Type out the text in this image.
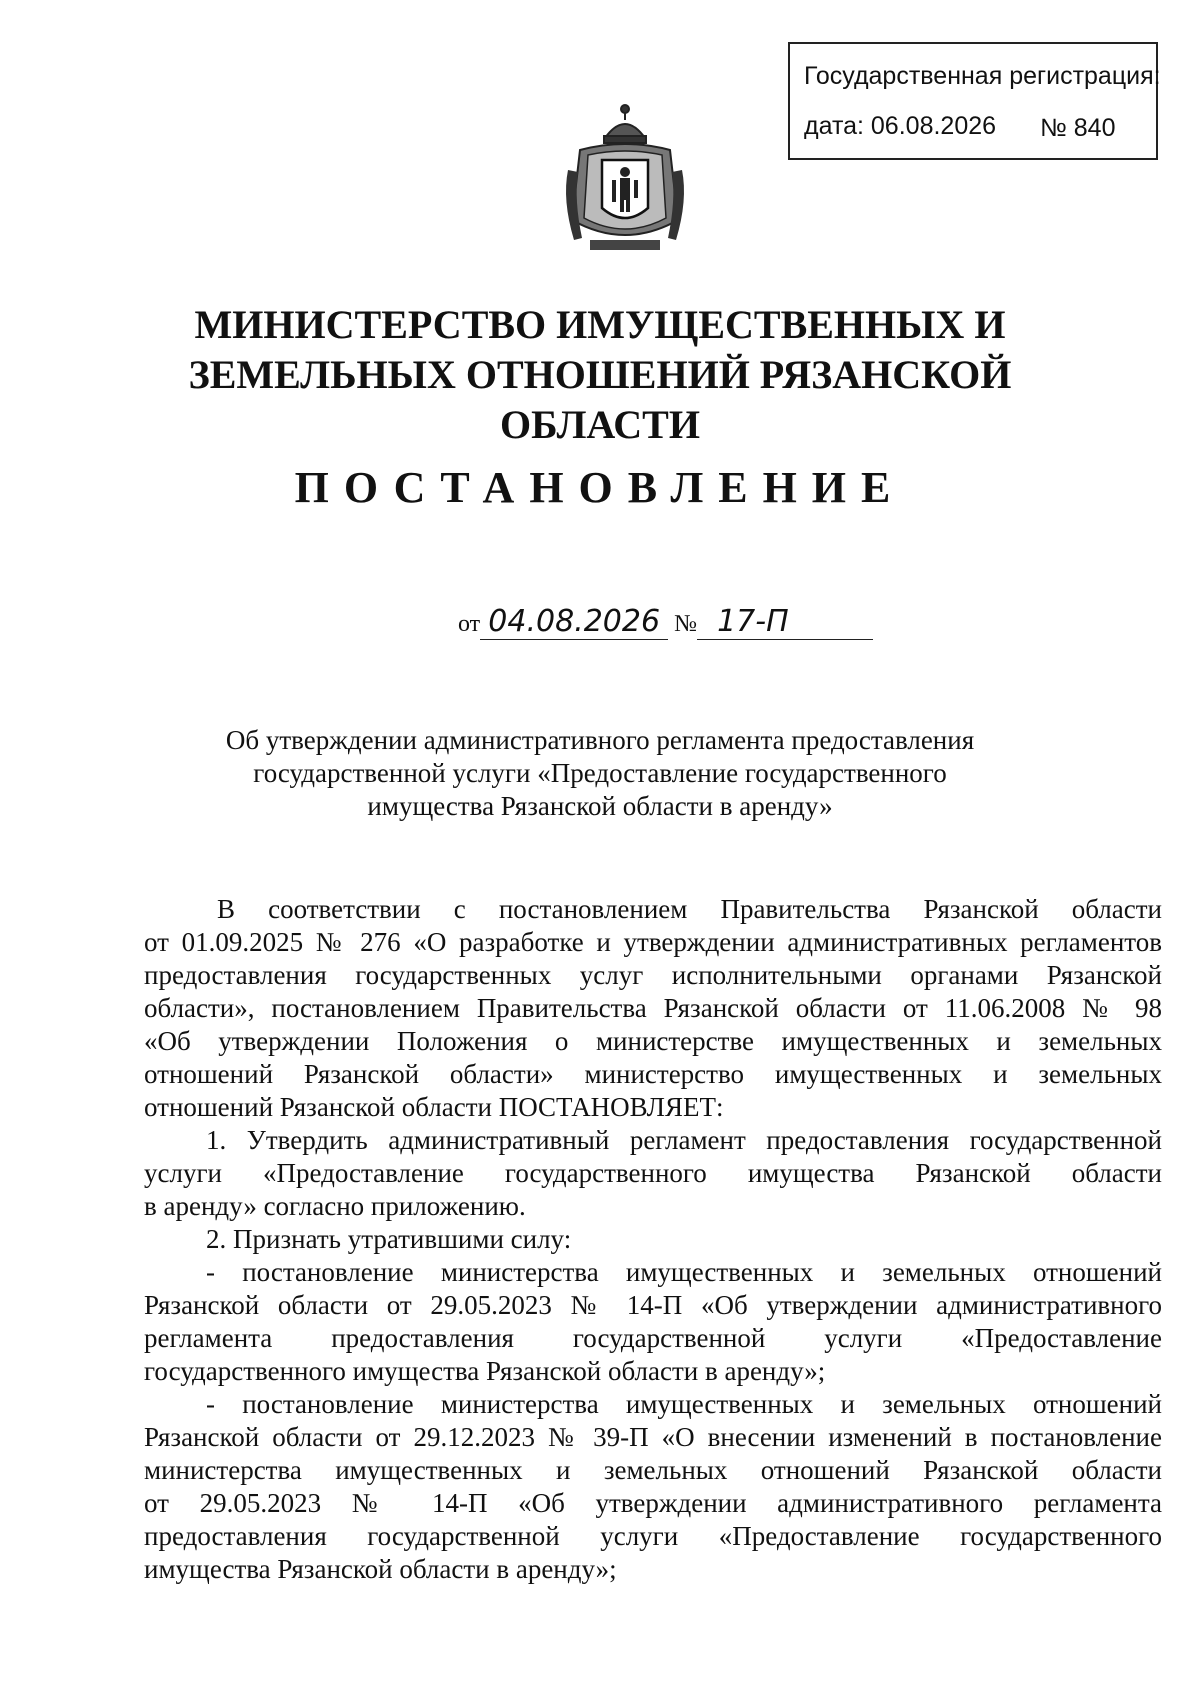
Государственная регистрация:
дата: 06.08.2026 № 840
МИНИСТЕРСТВО ИМУЩЕСТВЕННЫХ И
ЗЕМЕЛЬНЫХ ОТНОШЕНИЙ РЯЗАНСКОЙ ОБЛАСТИ
ПОСТАНОВЛЕНИЕ
от 04.08.2026 № 17-П
Об утверждении административного регламента предоставления
государственной услуги «Предоставление государственного
имущества Рязанской области в аренду»
В соответствии с постановлением Правительства Рязанской области
от 01.09.2025 № 276 «О разработке и утверждении административных регламентов
предоставления государственных услуг исполнительными органами Рязанской
области», постановлением Правительства Рязанской области от 11.06.2008 № 98
«Об утверждении Положения о министерстве имущественных и земельных
отношений Рязанской области» министерство имущественных и земельных
отношений Рязанской области ПОСТАНОВЛЯЕТ:
1. Утвердить административный регламент предоставления государственной
услуги «Предоставление государственного имущества Рязанской области
в аренду» согласно приложению.
2. Признать утратившими силу:
- постановление министерства имущественных и земельных отношений
Рязанской области от 29.05.2023 № 14-П «Об утверждении административного
регламента предоставления государственной услуги «Предоставление
государственного имущества Рязанской области в аренду»;
- постановление министерства имущественных и земельных отношений
Рязанской области от 29.12.2023 № 39-П «О внесении изменений в постановление
министерства имущественных и земельных отношений Рязанской области
от 29.05.2023 № 14-П «Об утверждении административного регламента
предоставления государственной услуги «Предоставление государственного
имущества Рязанской области в аренду»;
